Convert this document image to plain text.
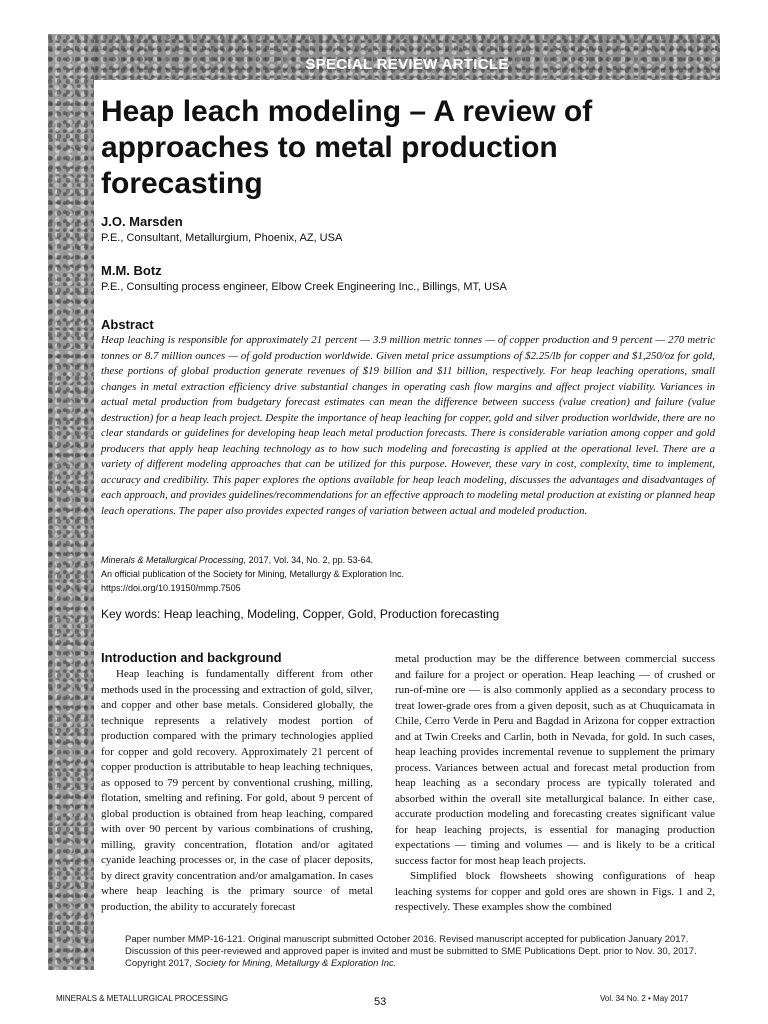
SPECIAL REVIEW ARTICLE
Heap leach modeling – A review of approaches to metal production forecasting
J.O. Marsden
P.E., Consultant, Metallurgium, Phoenix, AZ, USA
M.M. Botz
P.E., Consulting process engineer, Elbow Creek Engineering Inc., Billings, MT, USA
Abstract

Heap leaching is responsible for approximately 21 percent — 3.9 million metric tonnes — of copper production and 9 percent — 270 metric tonnes or 8.7 million ounces — of gold production worldwide. Given metal price assumptions of $2.25/lb for copper and $1,250/oz for gold, these portions of global production generate revenues of $19 billion and $11 billion, respectively. For heap leaching operations, small changes in metal extraction efficiency drive substantial changes in operating cash flow margins and affect project viability. Variances in actual metal production from budgetary forecast estimates can mean the difference between success (value creation) and failure (value destruction) for a heap leach project. Despite the importance of heap leaching for copper, gold and silver production worldwide, there are no clear standards or guidelines for developing heap leach metal production forecasts. There is considerable variation among copper and gold producers that apply heap leaching technology as to how such modeling and forecasting is applied at the operational level. There are a variety of different modeling approaches that can be utilized for this purpose. However, these vary in cost, complexity, time to implement, accuracy and credibility. This paper explores the options available for heap leach modeling, discusses the advantages and disadvantages of each approach, and provides guidelines/recommendations for an effective approach to modeling metal production at existing or planned heap leach operations. The paper also provides expected ranges of variation between actual and modeled production.

Minerals & Metallurgical Processing, 2017, Vol. 34, No. 2, pp. 53-64.
An official publication of the Society for Mining, Metallurgy & Exploration Inc.
https://doi.org/10.19150/mmp.7505
Key words: Heap leaching, Modeling, Copper, Gold, Production forecasting
Introduction and background

Heap leaching is fundamentally different from other methods used in the processing and extraction of gold, silver, and copper and other base metals. Considered globally, the technique represents a relatively modest portion of production compared with the primary technologies applied for copper and gold recovery. Approximately 21 percent of copper production is attributable to heap leaching techniques, as opposed to 79 percent by conventional crushing, milling, flotation, smelting and refining. For gold, about 9 percent of global production is obtained from heap leaching, compared with over 90 percent by various combinations of crushing, milling, gravity concentration, flotation and/or agitated cyanide leaching processes or, in the case of placer deposits, by direct gravity concentration and/or amalgamation. In cases where heap leaching is the primary source of metal production, the ability to accurately forecast

metal production may be the difference between commercial success and failure for a project or operation. Heap leaching — of crushed or run-of-mine ore — is also commonly applied as a secondary process to treat lower-grade ores from a given deposit, such as at Chuquicamata in Chile, Cerro Verde in Peru and Bagdad in Arizona for copper extraction and at Twin Creeks and Carlin, both in Nevada, for gold. In such cases, heap leaching provides incremental revenue to supplement the primary process. Variances between actual and forecast metal production from heap leaching as a secondary process are typically tolerated and absorbed within the overall site metallurgical balance. In either case, accurate production modeling and forecasting creates significant value for heap leaching projects, is essential for managing production expectations — timing and volumes — and is likely to be a critical success factor for most heap leach projects.

Simplified block flowsheets showing configurations of heap leaching systems for copper and gold ores are shown in Figs. 1 and 2, respectively. These examples show the combined

Paper number MMP-16-121. Original manuscript submitted October 2016. Revised manuscript accepted for publication January 2017. Discussion of this peer-reviewed and approved paper is invited and must be submitted to SME Publications Dept. prior to Nov. 30, 2017. Copyright 2017, Society for Mining, Metallurgy & Exploration Inc.

MINERALS & METALLURGICAL PROCESSING	53	Vol. 34 No. 2 • May 2017
